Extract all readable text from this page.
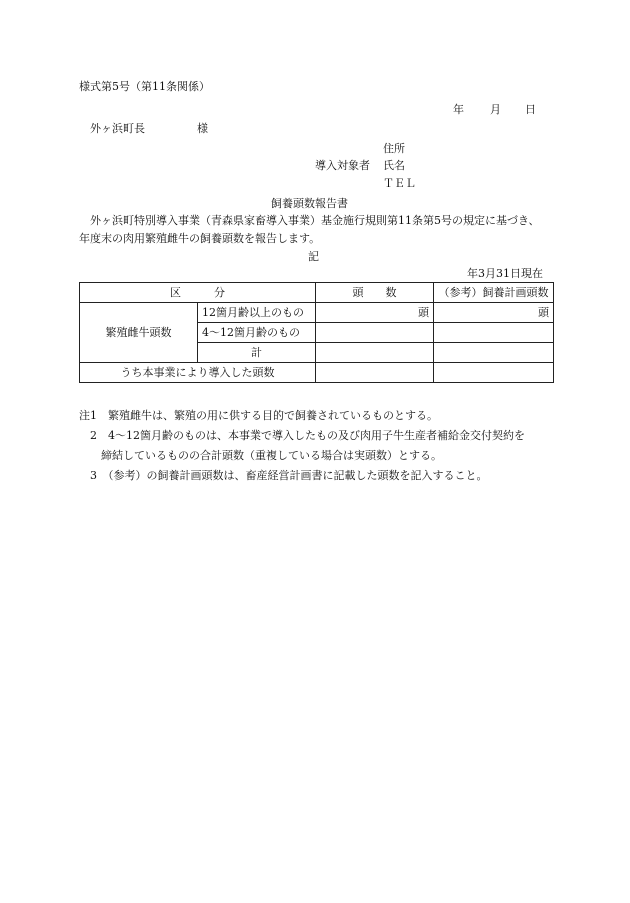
様式第5号（第11条関係）
年 月 日
外ヶ浜町長	様
住所
導入対象者 氏名
ＴＥＬ
飼養頭数報告書
外ヶ浜町特別導入事業（青森県家畜導入事業）基金施行規則第11条第5号の規定に基づき、
年度末の肉用繁殖雌牛の飼養頭数を報告します。
記
年3月31日現在
区　　　分		頭　　数	（参考）飼養計画頭数
繁殖雌牛頭数	12箇月齢以上のもの	頭	頭
	4～12箇月齢のもの		
	計		
うち本事業により導入した頭数			
注1　繁殖雌牛は、繁殖の用に供する目的で飼養されているものとする。
　2　4～12箇月齢のものは、本事業で導入したもの及び肉用子牛生産者補給金交付契約を
　　締結しているものの合計頭数（重複している場合は実頭数）とする。
　3　（参考）の飼養計画頭数は、畜産経営計画書に記載した頭数を記入すること。
